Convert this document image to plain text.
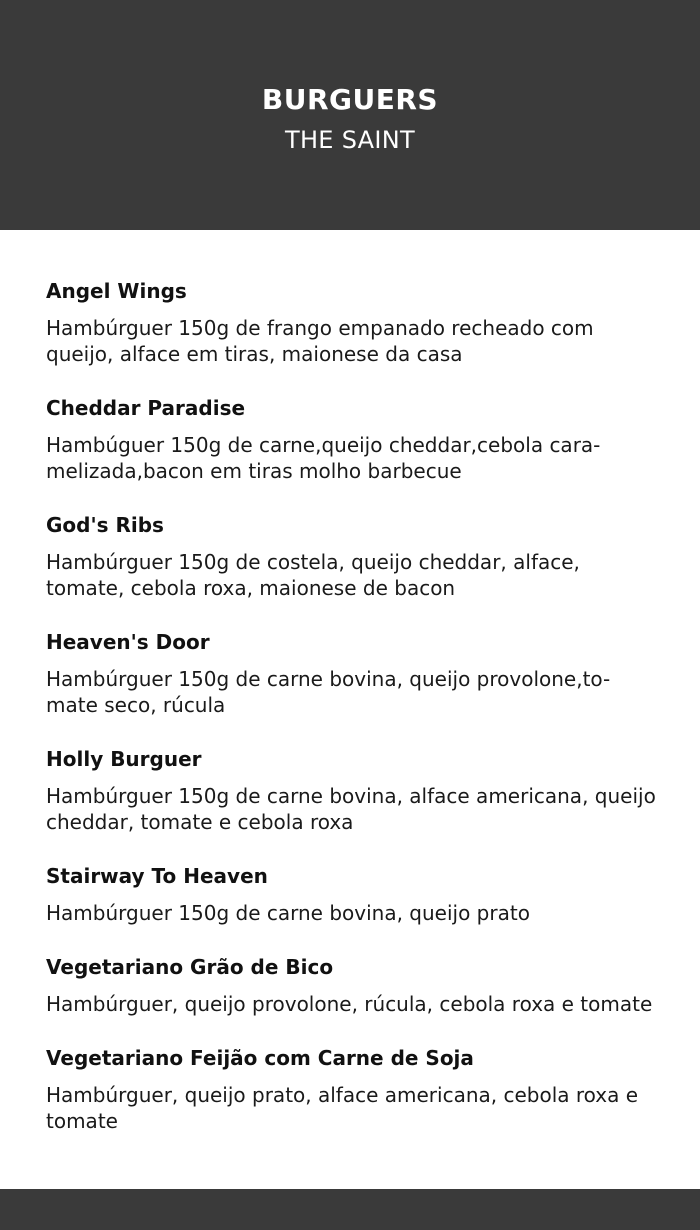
BURGUERS
THE SAINT
Angel Wings
Hambúrguer 150g de frango empanado recheado com queijo, alface em tiras, maionese da casa
Cheddar Paradise
Hambúguer 150g de carne,queijo cheddar,cebola cara-melizada,bacon em tiras molho barbecue
God's Ribs
Hambúrguer 150g de costela, queijo cheddar, alface, tomate, cebola roxa, maionese de bacon
Heaven's Door
Hambúrguer 150g de carne bovina, queijo provolone,to-mate seco, rúcula
Holly Burguer
Hambúrguer 150g de carne bovina, alface americana, queijo cheddar, tomate e cebola roxa
Stairway To Heaven
Hambúrguer 150g de carne bovina, queijo prato
Vegetariano Grão de Bico
Hambúrguer, queijo provolone, rúcula, cebola roxa e tomate
Vegetariano Feijão com Carne de Soja
Hambúrguer, queijo prato, alface americana, cebola roxa e tomate
